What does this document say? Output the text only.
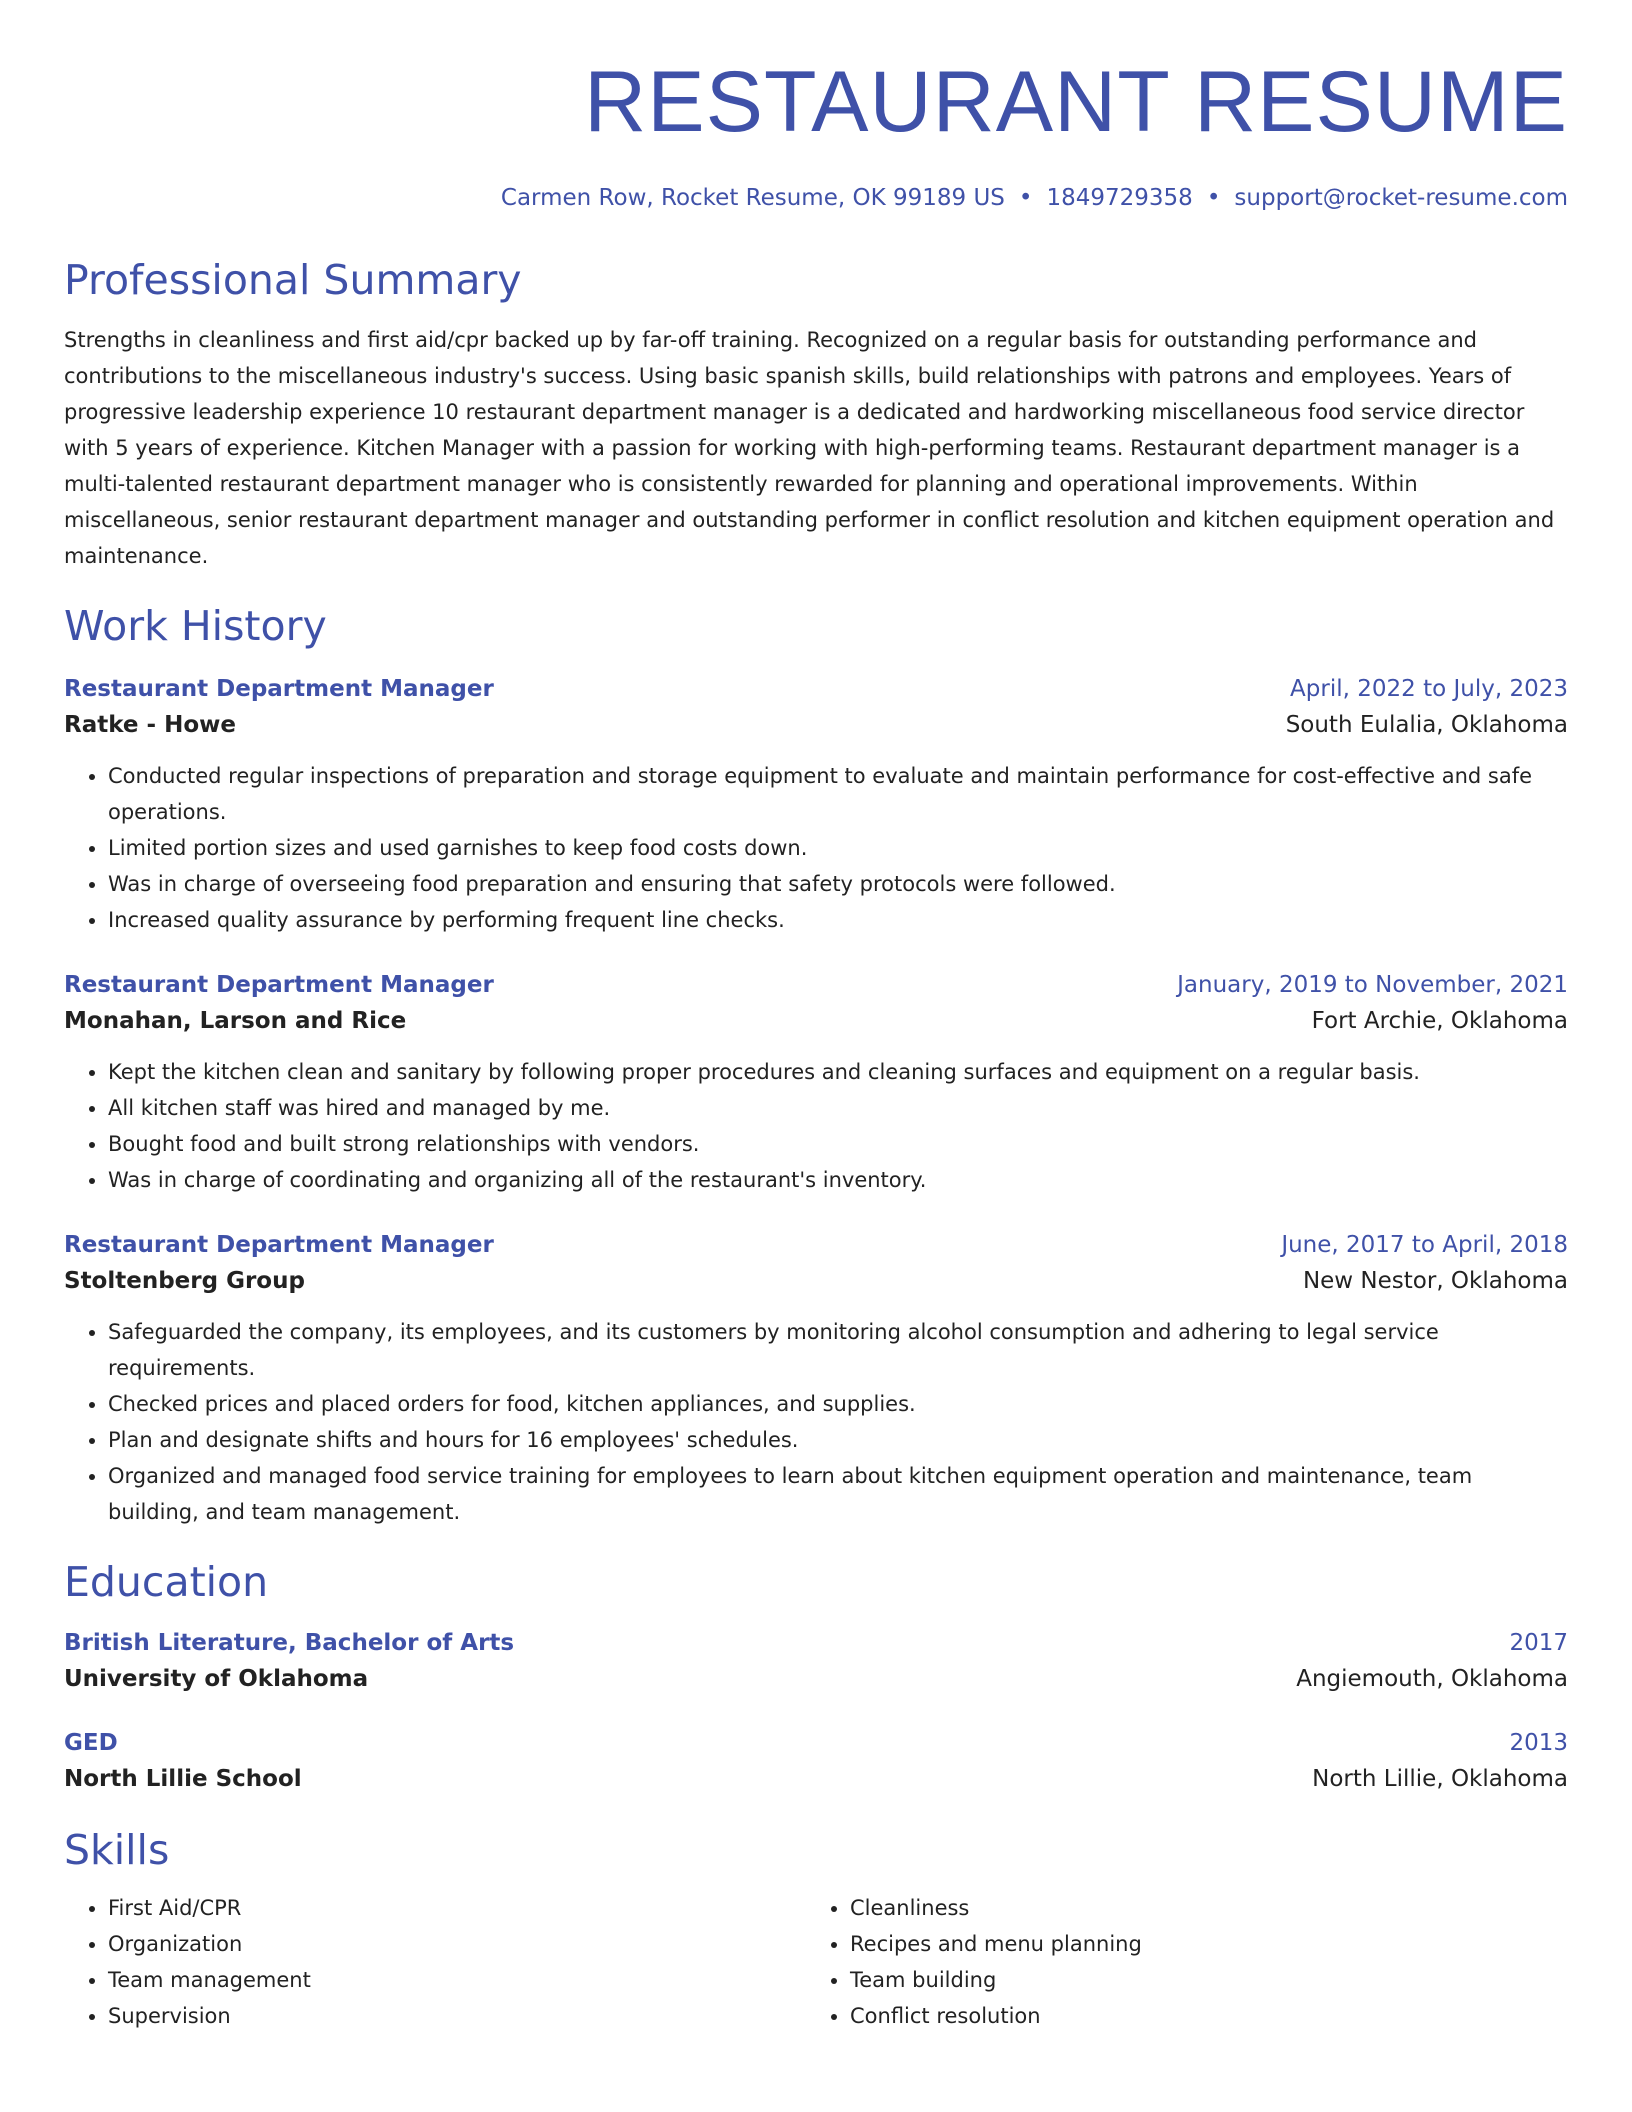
RESTAURANT RESUME
Carmen Row, Rocket Resume, OK 99189 US • 1849729358 • support@rocket-resume.com
Professional Summary
Strengths in cleanliness and first aid/cpr backed up by far-off training. Recognized on a regular basis for outstanding performance and contributions to the miscellaneous industry's success. Using basic spanish skills, build relationships with patrons and employees. Years of progressive leadership experience 10 restaurant department manager is a dedicated and hardworking miscellaneous food service director with 5 years of experience. Kitchen Manager with a passion for working with high-performing teams. Restaurant department manager is a multi-talented restaurant department manager who is consistently rewarded for planning and operational improvements. Within miscellaneous, senior restaurant department manager and outstanding performer in conflict resolution and kitchen equipment operation and maintenance.
Work History
Restaurant Department Manager	April, 2022 to July, 2023
Ratke - Howe	South Eulalia, Oklahoma
• Conducted regular inspections of preparation and storage equipment to evaluate and maintain performance for cost-effective and safe operations.
• Limited portion sizes and used garnishes to keep food costs down.
• Was in charge of overseeing food preparation and ensuring that safety protocols were followed.
• Increased quality assurance by performing frequent line checks.
Restaurant Department Manager	January, 2019 to November, 2021
Monahan, Larson and Rice	Fort Archie, Oklahoma
• Kept the kitchen clean and sanitary by following proper procedures and cleaning surfaces and equipment on a regular basis.
• All kitchen staff was hired and managed by me.
• Bought food and built strong relationships with vendors.
• Was in charge of coordinating and organizing all of the restaurant's inventory.
Restaurant Department Manager	June, 2017 to April, 2018
Stoltenberg Group	New Nestor, Oklahoma
• Safeguarded the company, its employees, and its customers by monitoring alcohol consumption and adhering to legal service requirements.
• Checked prices and placed orders for food, kitchen appliances, and supplies.
• Plan and designate shifts and hours for 16 employees' schedules.
• Organized and managed food service training for employees to learn about kitchen equipment operation and maintenance, team building, and team management.
Education
British Literature, Bachelor of Arts	2017
University of Oklahoma	Angiemouth, Oklahoma
GED	2013
North Lillie School	North Lillie, Oklahoma
Skills
• First Aid/CPR
• Organization
• Team management
• Supervision
• Cleanliness
• Recipes and menu planning
• Team building
• Conflict resolution
